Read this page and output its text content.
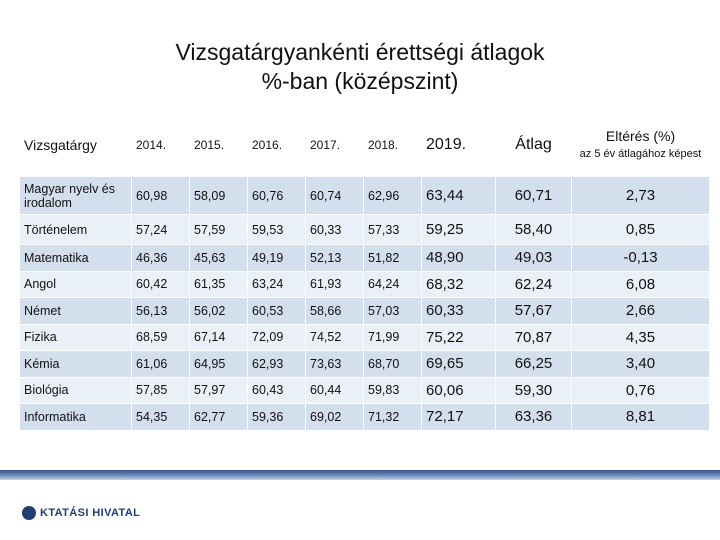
Vizsgatárgyankénti érettségi átlagok
%-ban (középszint)
Vizsgatárgy	2014.	2015.	2016.	2017.	2018.	2019.	Átlag	Eltérés (%)
az 5 év átlagához képest

Magyar nyelv és irodalom	60,98	58,09	60,76	60,74	62,96	63,44	60,71	2,73
Történelem	57,24	57,59	59,53	60,33	57,33	59,25	58,40	0,85
Matematika	46,36	45,63	49,19	52,13	51,82	48,90	49,03	-0,13
Angol	60,42	61,35	63,24	61,93	64,24	68,32	62,24	6,08
Német	56,13	56,02	60,53	58,66	57,03	60,33	57,67	2,66
Fizika	68,59	67,14	72,09	74,52	71,99	75,22	70,87	4,35
Kémia	61,06	64,95	62,93	73,63	68,70	69,65	66,25	3,40
Biológia	57,85	57,97	60,43	60,44	59,83	60,06	59,30	0,76
Informatika	54,35	62,77	59,36	69,02	71,32	72,17	63,36	8,81
KTATÁSI HIVATAL
